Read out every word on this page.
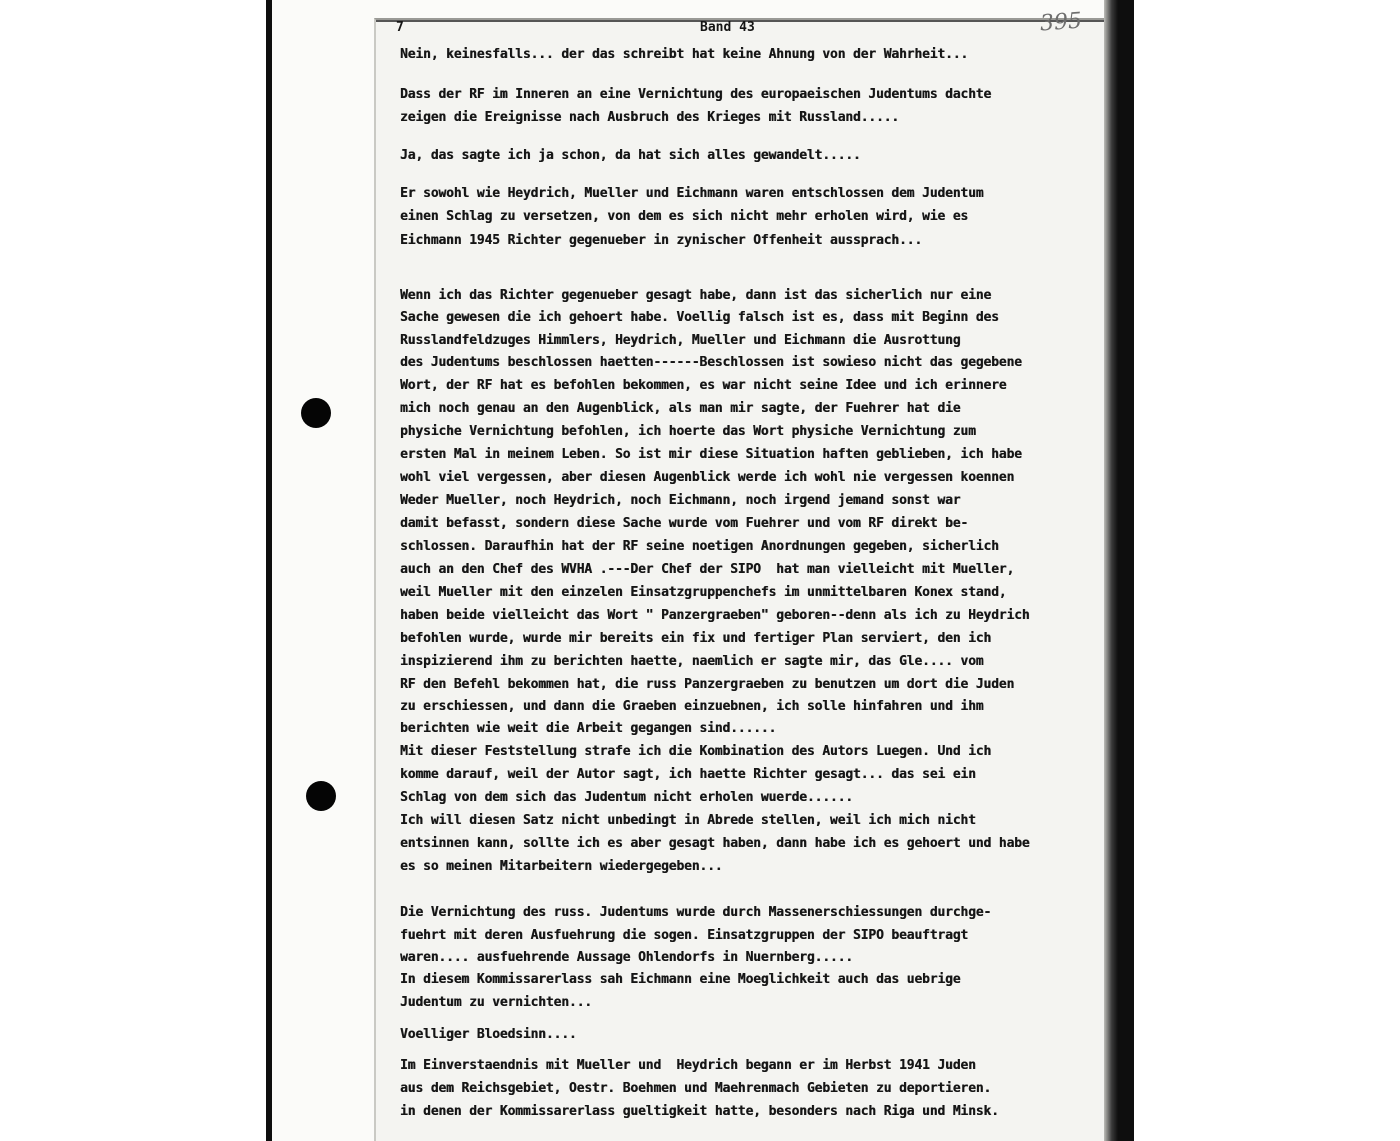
7	Band 43	395
Nein, keinesfalls... der das schreibt hat keine Ahnung von der Wahrheit...
Dass der RF im Inneren an eine Vernichtung des europaeischen Judentums dachte
zeigen die Ereignisse nach Ausbruch des Krieges mit Russland.....
Ja, das sagte ich ja schon, da hat sich alles gewandelt.....
Er sowohl wie Heydrich, Mueller und Eichmann waren entschlossen dem Judentum
einen Schlag zu versetzen, von dem es sich nicht mehr erholen wird, wie es
Eichmann 1945 Richter gegenueber in zynischer Offenheit aussprach...
Wenn ich das Richter gegenueber gesagt habe, dann ist das sicherlich nur eine
Sache gewesen die ich gehoert habe. Voellig falsch ist es, dass mit Beginn des
Russlandfeldzuges Himmlers, Heydrich, Mueller und Eichmann die Ausrottung
des Judentums beschlossen haetten------Beschlossen ist sowieso nicht das gegebene
Wort, der RF hat es befohlen bekommen, es war nicht seine Idee und ich erinnere
mich noch genau an den Augenblick, als man mir sagte, der Fuehrer hat die
physiche Vernichtung befohlen, ich hoerte das Wort physiche Vernichtung zum
ersten Mal in meinem Leben. So ist mir diese Situation haften geblieben, ich habe
wohl viel vergessen, aber diesen Augenblick werde ich wohl nie vergessen koennen
Weder Mueller, noch Heydrich, noch Eichmann, noch irgend jemand sonst war
damit befasst, sondern diese Sache wurde vom Fuehrer und vom RF direkt be-
schlossen. Daraufhin hat der RF seine noetigen Anordnungen gegeben, sicherlich
auch an den Chef des WVHA .---Der Chef der SIPO  hat man vielleicht mit Mueller,
weil Mueller mit den einzelen Einsatzgruppenchefs im unmittelbaren Konex stand,
haben beide vielleicht das Wort " Panzergraeben" geboren--denn als ich zu Heydrich
befohlen wurde, wurde mir bereits ein fix und fertiger Plan serviert, den ich
inspizierend ihm zu berichten haette, naemlich er sagte mir, das Gle.... vom
RF den Befehl bekommen hat, die russ Panzergraeben zu benutzen um dort die Juden
zu erschiessen, und dann die Graeben einzuebnen, ich solle hinfahren und ihm
berichten wie weit die Arbeit gegangen sind......
Mit dieser Feststellung strafe ich die Kombination des Autors Luegen. Und ich
komme darauf, weil der Autor sagt, ich haette Richter gesagt... das sei ein
Schlag von dem sich das Judentum nicht erholen wuerde......
Ich will diesen Satz nicht unbedingt in Abrede stellen, weil ich mich nicht
entsinnen kann, sollte ich es aber gesagt haben, dann habe ich es gehoert und habe
es so meinen Mitarbeitern wiedergegeben...
Die Vernichtung des russ. Judentums wurde durch Massenerschiessungen durchge-
fuehrt mit deren Ausfuehrung die sogen. Einsatzgruppen der SIPO beauftragt
waren.... ausfuehrende Aussage Ohlendorfs in Nuernberg.....
In diesem Kommissarerlass sah Eichmann eine Moeglichkeit auch das uebrige
Judentum zu vernichten...
Voelliger Bloedsinn....
Im Einverstaendnis mit Mueller und  Heydrich begann er im Herbst 1941 Juden
aus dem Reichsgebiet, Oestr. Boehmen und Maehrenmach Gebieten zu deportieren.
in denen der Kommissarerlass gueltigkeit hatte, besonders nach Riga und Minsk.
